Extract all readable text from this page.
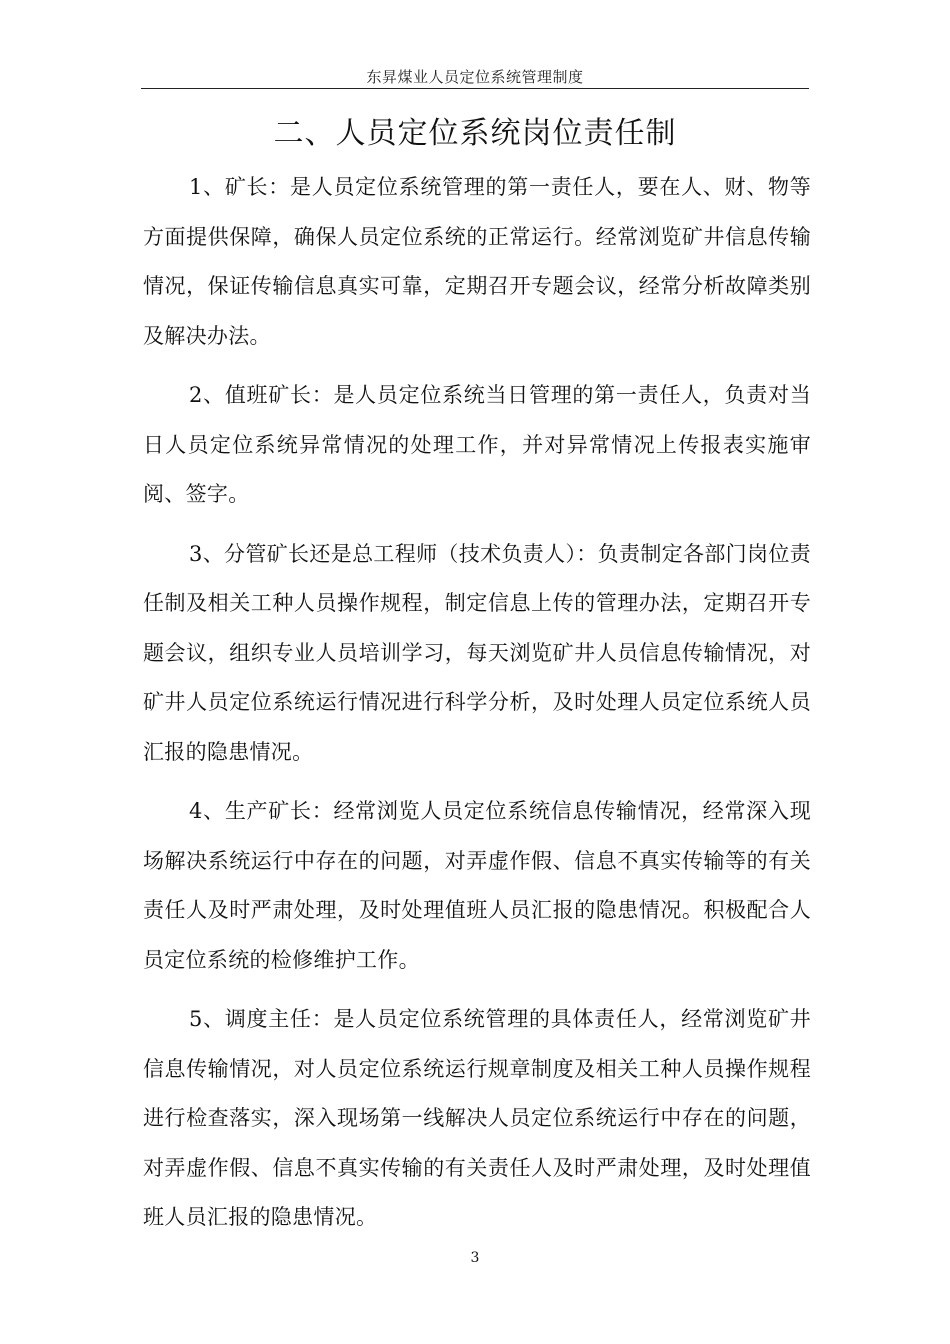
东昇煤业人员定位系统管理制度
二、人员定位系统岗位责任制

1、矿长：是人员定位系统管理的第一责任人，要在人、财、物等方面提供保障，确保人员定位系统的正常运行。经常浏览矿井信息传输情况，保证传输信息真实可靠，定期召开专题会议，经常分析故障类别及解决办法。

2、值班矿长：是人员定位系统当日管理的第一责任人，负责对当日人员定位系统异常情况的处理工作，并对异常情况上传报表实施审阅、签字。

3、分管矿长还是总工程师（技术负责人）：负责制定各部门岗位责任制及相关工种人员操作规程，制定信息上传的管理办法，定期召开专题会议，组织专业人员培训学习，每天浏览矿井人员信息传输情况，对矿井人员定位系统运行情况进行科学分析，及时处理人员定位系统人员汇报的隐患情况。

4、生产矿长：经常浏览人员定位系统信息传输情况，经常深入现场解决系统运行中存在的问题，对弄虚作假、信息不真实传输等的有关责任人及时严肃处理，及时处理值班人员汇报的隐患情况。积极配合人员定位系统的检修维护工作。

5、调度主任：是人员定位系统管理的具体责任人，经常浏览矿井信息传输情况，对人员定位系统运行规章制度及相关工种人员操作规程进行检查落实，深入现场第一线解决人员定位系统运行中存在的问题，对弄虚作假、信息不真实传输的有关责任人及时严肃处理，及时处理值班人员汇报的隐患情况。

3
